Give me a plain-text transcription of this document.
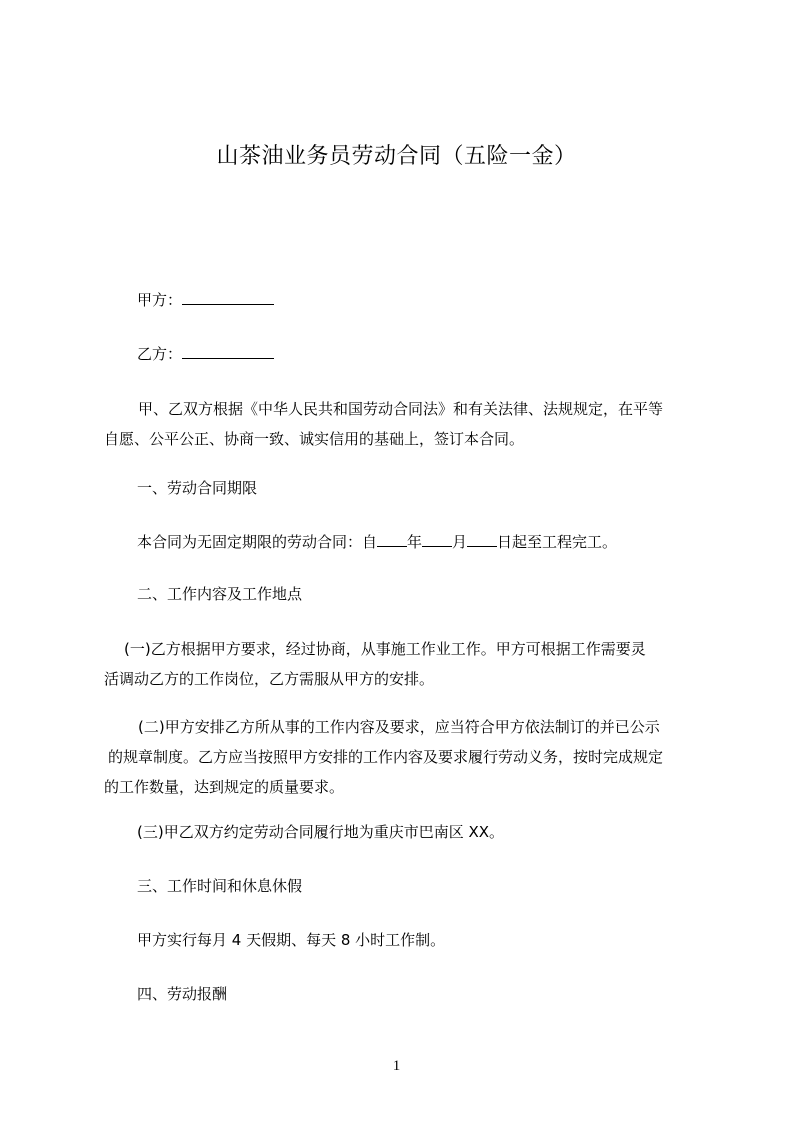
山茶油业务员劳动合同（五险一金）
甲方：
乙方：
甲、乙双方根据《中华人民共和国劳动合同法》和有关法律、法规规定，在平等
自愿、公平公正、协商一致、诚实信用的基础上，签订本合同。
一、劳动合同期限
本合同为无固定期限的劳动合同：自 年 月 日起至工程完工。
二、工作内容及工作地点
(一)乙方根据甲方要求，经过协商，从事施工作业工作。甲方可根据工作需要灵
活调动乙方的工作岗位，乙方需服从甲方的安排。
(二)甲方安排乙方所从事的工作内容及要求，应当符合甲方依法制订的并已公示
的规章制度。乙方应当按照甲方安排的工作内容及要求履行劳动义务，按时完成规定
的工作数量，达到规定的质量要求。
(三)甲乙双方约定劳动合同履行地为重庆市巴南区 XX。
三、工作时间和休息休假
甲方实行每月 4 天假期、每天 8 小时工作制。
四、劳动报酬
1
